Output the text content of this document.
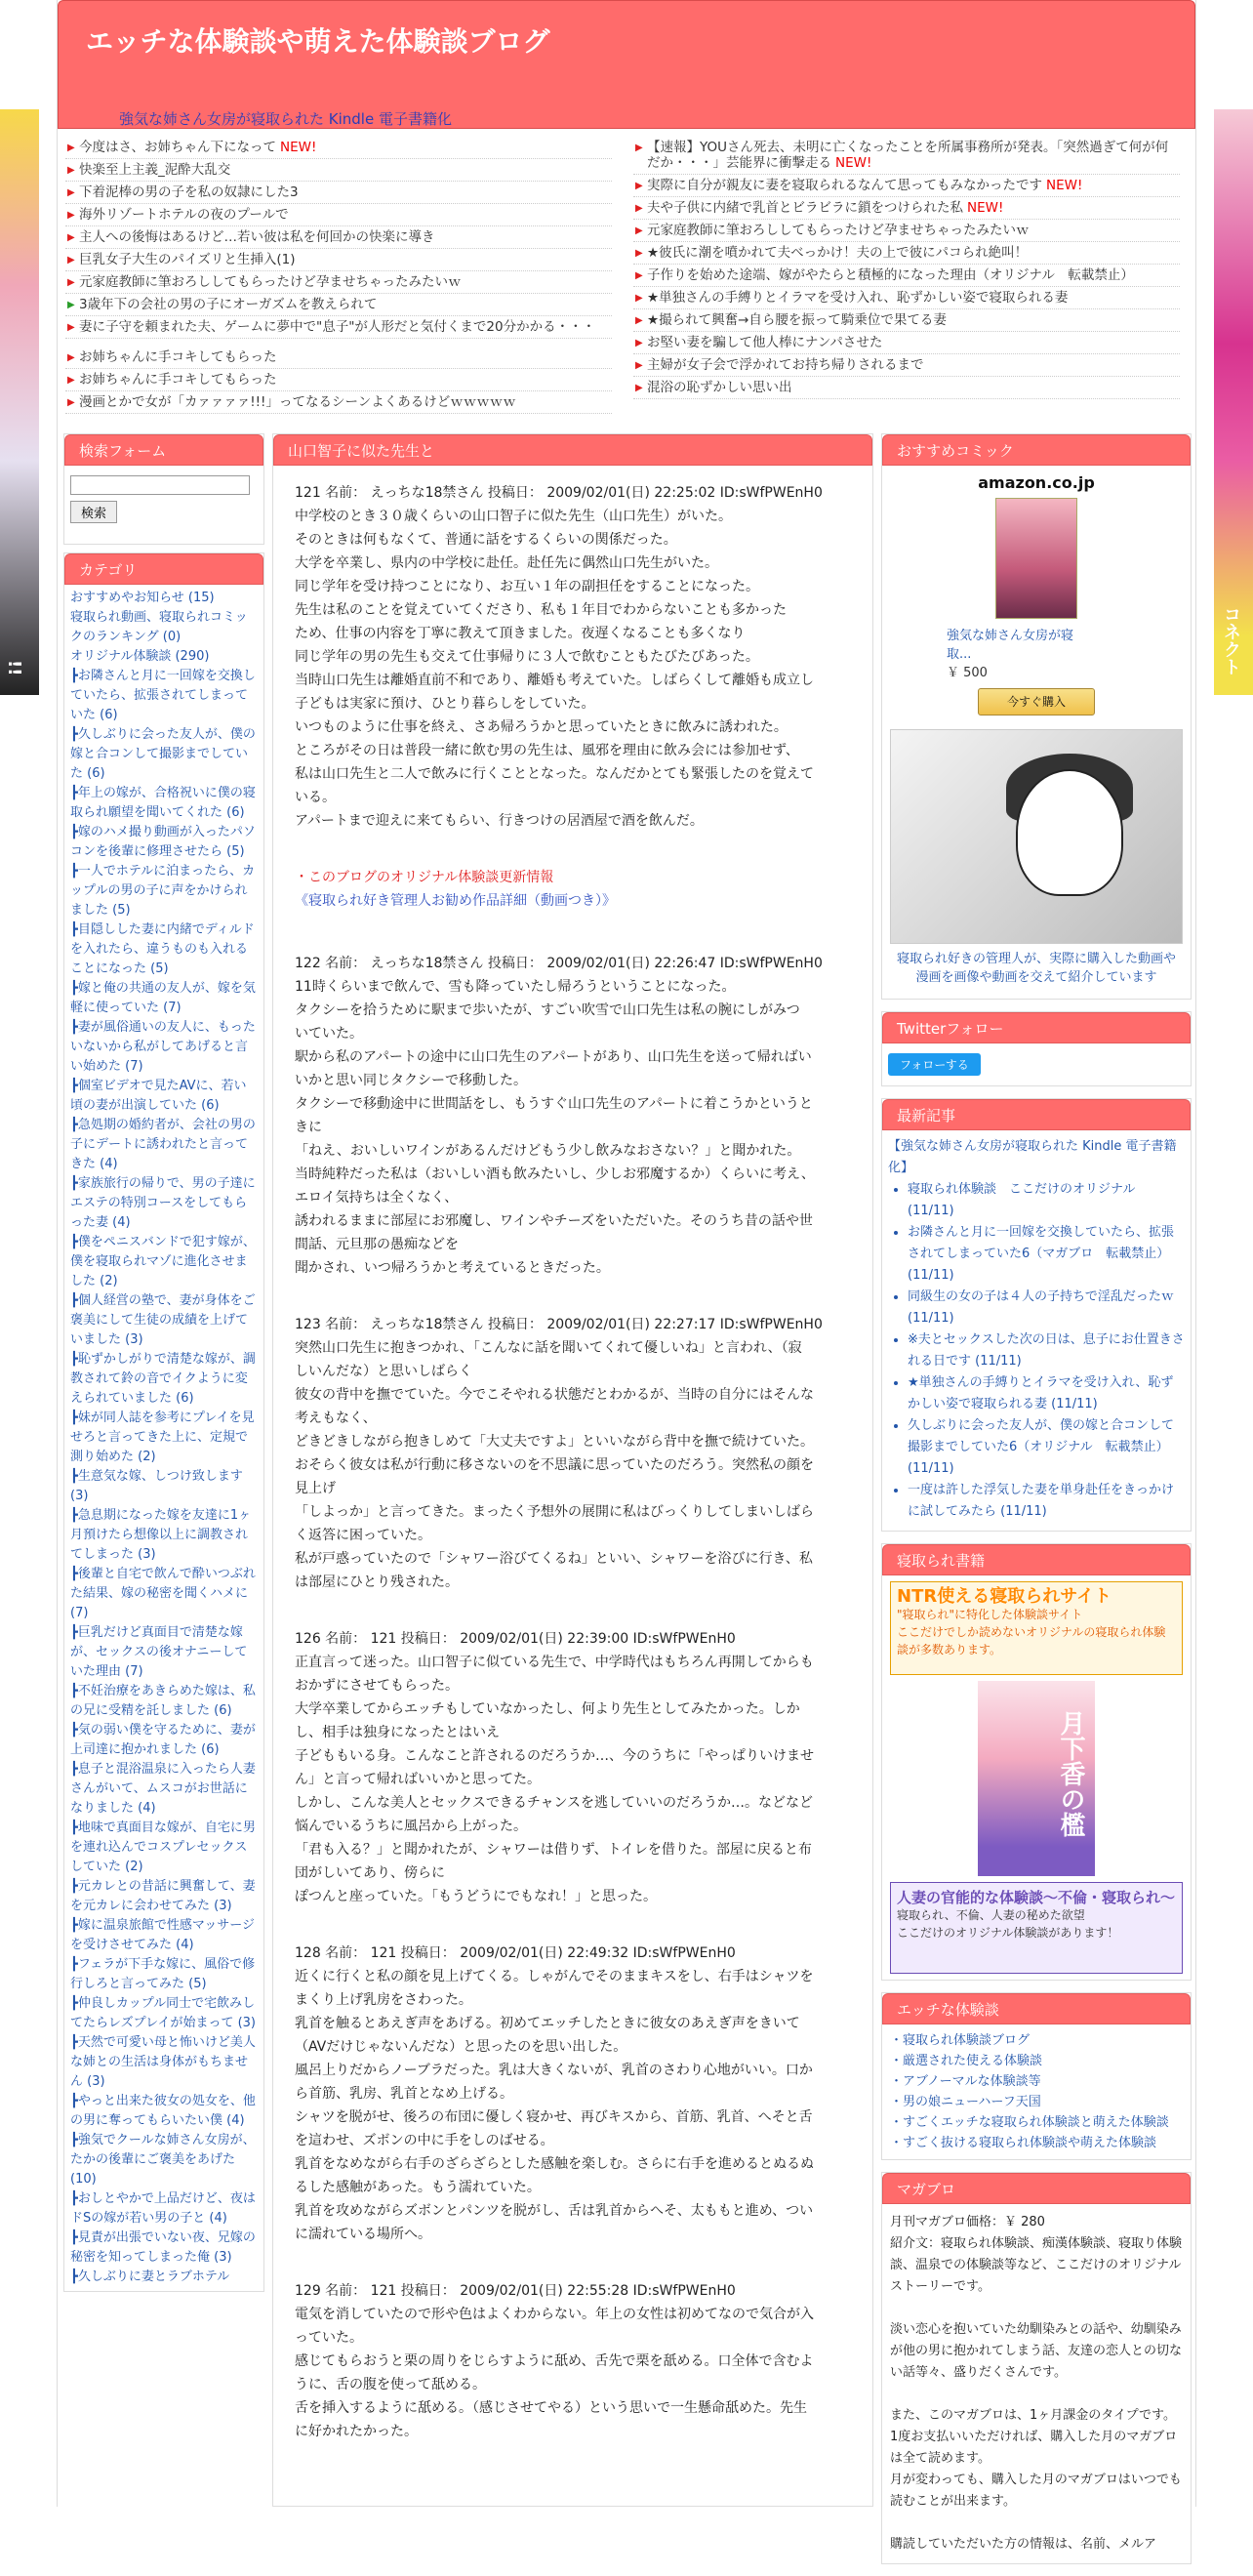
!!	コネクト
エッチな体験談や萌えた体験談ブログ
強気な姉さん女房が寝取られた Kindle 電子書籍化
▶ 今度はさ、お姉ちゃん下になって NEW!
▶ 快楽至上主義_泥酔大乱交
▶ 下着泥棒の男の子を私の奴隷にした3
▶ 海外リゾートホテルの夜のプールで
▶ 主人への後悔はあるけど…若い彼は私を何回かの快楽に導き
▶ 巨乳女子大生のパイズリと生挿入(1)
▶ 元家庭教師に筆おろししてもらったけど孕ませちゃったみたいｗ
▶ 3歳年下の会社の男の子にオーガズムを教えられて
▶ 妻に子守を頼まれた夫、ゲームに夢中で"息子"が人形だと気付くまで20分かかる・・・
▶ お姉ちゃんに手コキしてもらった
▶ お姉ちゃんに手コキしてもらった
▶ 漫画とかで女が「カァァァァ!!!」ってなるシーンよくあるけどｗｗｗｗｗ
▶ 【速報】YOUさん死去、未明に亡くなったことを所属事務所が発表。「突然過ぎて何が何だか・・・」芸能界に衝撃走る NEW!
▶ 実際に自分が親友に妻を寝取られるなんて思ってもみなかったです NEW!
▶ 夫や子供に内緒で乳首とビラビラに鎖をつけられた私 NEW!
▶ 元家庭教師に筆おろししてもらったけど孕ませちゃったみたいｗ
▶ ★彼氏に潮を噴かれて夫べっかけ！夫の上で彼にパコられ絶叫！
▶ 子作りを始めた途端、嫁がやたらと積極的になった理由（オリジナル　転載禁止）
▶ ★単独さんの手縛りとイラマを受け入れ、恥ずかしい姿で寝取られる妻
▶ ★撮られて興奮→自ら腰を振って騎乗位で果てる妻
▶ お堅い妻を騙して他人棒にナンパさせた
▶ 主婦が女子会で浮かれてお持ち帰りされるまで
▶ 混浴の恥ずかしい思い出
検索フォーム

検索
カテゴリ
おすすめやお知らせ (15)
寝取られ動画、寝取られコミックのランキング (0)
オリジナル体験談 (290)
┣お隣さんと月に一回嫁を交換していたら、拡張されてしまっていた (6)
┣久しぶりに会った友人が、僕の嫁と合コンして撮影までしていた (6)
┣年上の嫁が、合格祝いに僕の寝取られ願望を聞いてくれた (6)
┣嫁のハメ撮り動画が入ったパソコンを後輩に修理させたら (5)
┣一人でホテルに泊まったら、カップルの男の子に声をかけられました (5)
┣目隠しした妻に内緒でディルドを入れたら、違うものも入れることになった (5)
┣嫁と俺の共通の友人が、嫁を気軽に使っていた (7)
┣妻が風俗通いの友人に、もったいないから私がしてあげると言い始めた (7)
┣個室ビデオで見たAVに、若い頃の妻が出演していた (6)
┣急処期の婚約者が、会社の男の子にデートに誘われたと言ってきた (4)
┣家族旅行の帰りで、男の子達にエステの特別コースをしてもらった妻 (4)
┣僕をペニスバンドで犯す嫁が、僕を寝取られマゾに進化させました (2)
┣個人経営の塾で、妻が身体をご褒美にして生徒の成績を上げていました (3)
┣恥ずかしがりで清楚な嫁が、調教されて鈴の音でイクように変えられていました (6)
┣妹が同人誌を参考にプレイを見せろと言ってきた上に、定規で測り始めた (2)
┣生意気な嫁、しつけ致します (3)
┣急息期になった嫁を友達に1ヶ月預けたら想像以上に調教されてしまった (3)
┣後輩と自宅で飲んで酔いつぶれた結果、嫁の秘密を聞くハメに (7)
┣巨乳だけど真面目で清楚な嫁が、セックスの後オナニーしていた理由 (7)
┣不妊治療をあきらめた嫁は、私の兄に受精を託しました (6)
┣気の弱い僕を守るために、妻が上司達に抱かれました (6)
┣息子と混浴温泉に入ったら人妻さんがいて、ムスコがお世話になりました (4)
┣地味で真面目な嫁が、自宅に男を連れ込んでコスプレセックスしていた (2)
┣元カレとの昔話に興奮して、妻を元カレに会わせてみた (3)
┣嫁に温泉旅館で性感マッサージを受けさせてみた (4)
┣フェラが下手な嫁に、風俗で修行しろと言ってみた (5)
┣仲良しカップル同士で宅飲みしてたらレズプレイが始まって (3)
┣天然で可愛い母と怖いけど美人な姉との生活は身体がもちません (3)
┣やっと出来た彼女の処女を、他の男に奪ってもらいたい僕 (4)
┣強気でクールな姉さん女房が、たかの後輩にご褒美をあげた (10)
┣おしとやかで上品だけど、夜はドSの嫁が若い男の子と (4)
┣見責が出張でいない夜、兄嫁の秘密を知ってしまった俺 (3)
┣久しぶりに妻とラブホテル
山口智子に似た先生と
121 名前： えっちな18禁さん 投稿日： 2009/02/01(日) 22:25:02 ID:sWfPWEnH0

中学校のとき３０歳くらいの山口智子に似た先生（山口先生）がいた。
そのときは何もなくて、普通に話をするくらいの関係だった。
大学を卒業し、県内の中学校に赴任。赴任先に偶然山口先生がいた。
同じ学年を受け持つことになり、お互い１年の副担任をすることになった。
先生は私のことを覚えていてくださり、私も１年目でわからないことも多かった
ため、仕事の内容を丁寧に教えて頂きました。夜遅くなることも多くなり
同じ学年の男の先生も交えて仕事帰りに３人で飲むこともたびたびあった。
当時山口先生は離婚直前不和であり、離婚も考えていた。しばらくして離婚も成立し
子どもは実家に預け、ひとり暮らしをしていた。
いつものように仕事を終え、さあ帰ろうかと思っていたときに飲みに誘われた。
ところがその日は普段一緒に飲む男の先生は、風邪を理由に飲み会には参加せず、
私は山口先生と二人で飲みに行くこととなった。なんだかとても緊張したのを覚えて
いる。
アパートまで迎えに来てもらい、行きつけの居酒屋で酒を飲んだ。

・このブログのオリジナル体験談更新情報
《寝取られ好き管理人お勧め作品詳細（動画つき）》
122 名前： えっちな18禁さん 投稿日： 2009/02/01(日) 22:26:47 ID:sWfPWEnH0

11時くらいまで飲んで、雪も降っていたし帰ろうということになった。
タクシーを拾うために駅まで歩いたが、すごい吹雪で山口先生は私の腕にしがみつ
いていた。
駅から私のアパートの途中に山口先生のアパートがあり、山口先生を送って帰ればい
いかと思い同じタクシーで移動した。
タクシーで移動途中に世間話をし、もうすぐ山口先生のアパートに着こうかというと
きに
「ねえ、おいしいワインがあるんだけどもう少し飲みなおさない？」と聞かれた。
当時純粋だった私は（おいしい酒も飲みたいし、少しお邪魔するか）くらいに考え、
エロイ気持ちは全くなく、
誘われるままに部屋にお邪魔し、ワインやチーズをいただいた。そのうち昔の話や世
間話、元旦那の愚痴などを
聞かされ、いつ帰ろうかと考えているときだった。

123 名前： えっちな18禁さん 投稿日： 2009/02/01(日) 22:27:17 ID:sWfPWEnH0

突然山口先生に抱きつかれ、「こんなに話を聞いてくれて優しいね」と言われ、（寂
しいんだな）と思いしばらく
彼女の背中を撫でていた。今でこそやれる状態だとわかるが、当時の自分にはそんな
考えもなく、
どきどきしながら抱きしめて「大丈夫ですよ」といいながら背中を撫で続けていた。
おそらく彼女は私が行動に移さないのを不思議に思っていたのだろう。突然私の顔を
見上げ
「しよっか」と言ってきた。まったく予想外の展開に私はびっくりしてしまいしばら
く返答に困っていた。
私が戸惑っていたので「シャワー浴びてくるね」といい、シャワーを浴びに行き、私
は部屋にひとり残された。

126 名前： 121 投稿日： 2009/02/01(日) 22:39:00 ID:sWfPWEnH0

正直言って迷った。山口智子に似ている先生で、中学時代はもちろん再開してからも
おかずにさせてもらった。
大学卒業してからエッチもしていなかったし、何より先生としてみたかった。しか
し、相手は独身になったとはいえ
子どももいる身。こんなこと許されるのだろうか…、今のうちに「やっぱりいけませ
ん」と言って帰ればいいかと思ってた。
しかし、こんな美人とセックスできるチャンスを逃していいのだろうか…。などなど
悩んでいるうちに風呂から上がった。
「君も入る？」と聞かれたが、シャワーは借りず、トイレを借りた。部屋に戻ると布
団がしいてあり、傍らに
ぽつんと座っていた。「もうどうにでもなれ！」と思った。

128 名前： 121 投稿日： 2009/02/01(日) 22:49:32 ID:sWfPWEnH0

近くに行くと私の顔を見上げてくる。しゃがんでそのままキスをし、右手はシャツを
まくり上げ乳房をさわった。
乳首を触るとあえぎ声をあげる。初めてエッチしたときに彼女のあえぎ声をきいて
（AVだけじゃないんだな）と思ったのを思い出した。
風呂上りだからノーブラだった。乳は大きくないが、乳首のさわり心地がいい。口か
ら首筋、乳房、乳首となめ上げる。
シャツを脱がせ、後ろの布団に優しく寝かせ、再びキスから、首筋、乳首、へそと舌
を這わせ、ズボンの中に手をしのばせる。
乳首をなめながら右手のざらざらとした感触を楽しむ。さらに右手を進めるとぬるぬ
るした感触があった。もう濡れていた。
乳首を攻めながらズボンとパンツを脱がし、舌は乳首からへそ、太ももと進め、つい
に濡れている場所へ。

129 名前： 121 投稿日： 2009/02/01(日) 22:55:28 ID:sWfPWEnH0

電気を消していたので形や色はよくわからない。年上の女性は初めてなので気合が入
っていた。
感じてもらおうと栗の周りをじらすように舐め、舌先で栗を舐める。口全体で含むよ
うに、舌の腹を使って舐める。
舌を挿入するように舐める。（感じさせてやる）という思いで一生懸命舐めた。先生
に好かれたかった。

おすすめコミック
amazon.co.jp
強気な姉さん女房が寝取...
￥ 500
今すぐ購入
寝取られ好きの管理人が、実際に購入した動画や漫画を画像や動画を交えて紹介しています
Twitterフォロー
フォローする
最新記事
【強気な姉さん女房が寝取られた Kindle 電子書籍化】
• 寝取られ体験談　ここだけのオリジナル (11/11)
• お隣さんと月に一回嫁を交換していたら、拡張されてしまっていた6（マガブロ　転載禁止） (11/11)
• 同級生の女の子は４人の子持ちで淫乱だったｗ (11/11)
• ※夫とセックスした次の日は、息子にお仕置きされる日です (11/11)
• ★単独さんの手縛りとイラマを受け入れ、恥ずかしい姿で寝取られる妻 (11/11)
• 久しぶりに会った友人が、僕の嫁と合コンして撮影までしていた6（オリジナル　転載禁止） (11/11)
• 一度は許した浮気した妻を単身赴任をきっかけに試してみたら (11/11)
寝取られ書籍
NTR使える寝取られサイト
"寝取られ"に特化した体験談サイト
ここだけでしか読めないオリジナルの寝取られ体験談が多数あります。
月下香の檻
人妻の官能的な体験談〜不倫・寝取られ〜
寝取られ、不倫、人妻の秘めた欲望
ここだけのオリジナル体験談があります！
エッチな体験談
・寝取られ体験談ブログ
・厳選された使える体験談
・アブノーマルな体験談等
・男の娘ニューハーフ天国
・すごくエッチな寝取られ体験談と萌えた体験談
・すごく抜ける寝取られ体験談や萌えた体験談
マガブロ
月刊マガブロ価格：￥ 280
紹介文：寝取られ体験談、痴漢体験談、寝取り体験談、温泉での体験談等など、ここだけのオリジナルストーリーです。

淡い恋心を抱いていた幼馴染みとの話や、幼馴染みが他の男に抱かれてしまう話、友達の恋人との切ない話等々、盛りだくさんです。

また、このマガブロは、1ヶ月課金のタイプです。
1度お支払いいただければ、購入した月のマガブロは全て読めます。
月が変わっても、購入した月のマガブロはいつでも読むことが出来ます。

購読していただいた方の情報は、名前、メルア
